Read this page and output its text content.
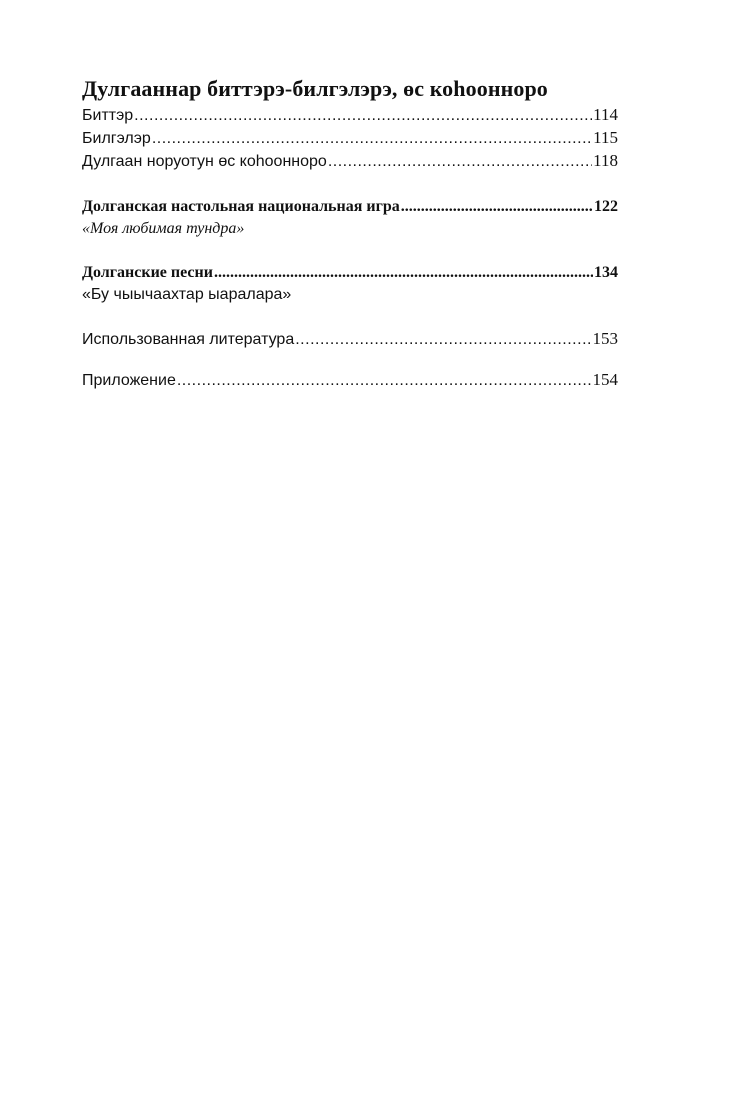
Дулгааннар биттэрэ-билгэлэрэ, өс коhоонноро
Биттэр .....	114
Билгэлэр .....	115
Дулгаан норуотун өс коhоонноро .....	118
Долганская настольная национальная игра .....	122
«Моя любимая тундра»
Долганские песни .....	134
«Бу чыычаахтар ыаралара»
Использованная литература .....	153
Приложение .....	154
